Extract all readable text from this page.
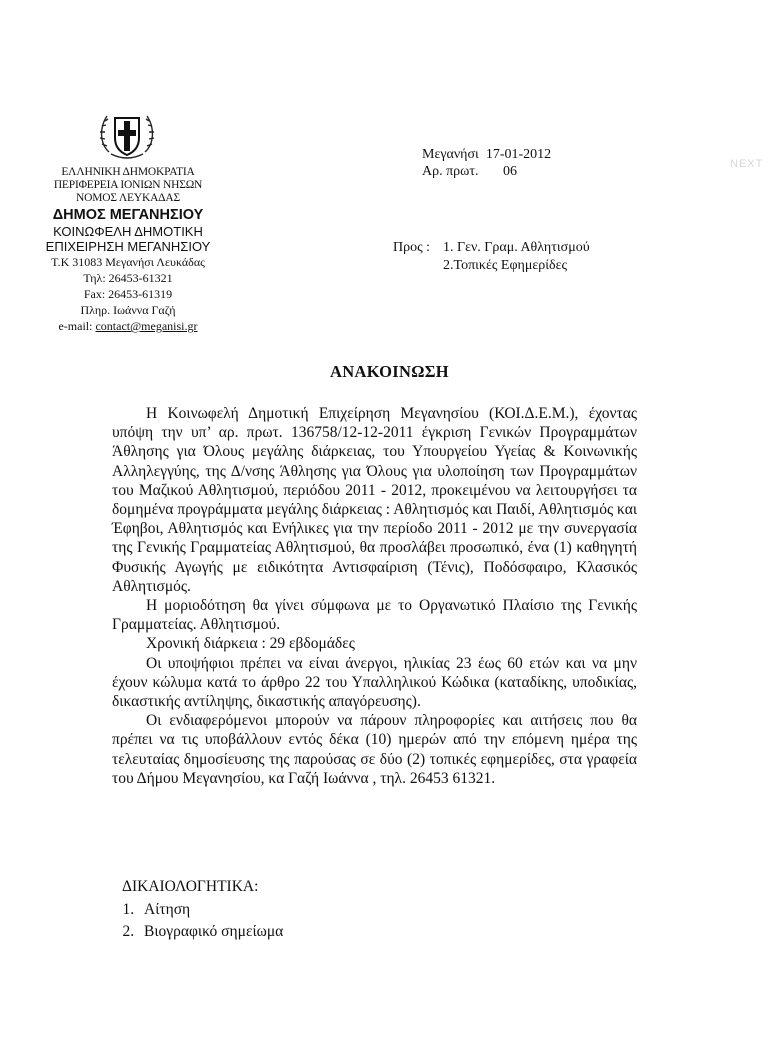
ΕΛΛΗΝΙΚΗ ΔΗΜΟΚΡΑΤΙΑ
ΠΕΡΙΦΕΡΕΙΑ ΙΟΝΙΩΝ ΝΗΣΩΝ
ΝΟΜΟΣ ΛΕΥΚΑΔΑΣ
ΔΗΜΟΣ ΜΕΓΑΝΗΣΙΟΥ
ΚΟΙΝΩΦΕΛΗ ΔΗΜΟΤΙΚΗ
ΕΠΙΧΕΙΡΗΣΗ ΜΕΓΑΝΗΣΙΟΥ
Τ.Κ 31083 Μεγανήσι Λευκάδας
Τηλ: 26453-61321
Fax: 26453-61319
Πληρ. Ιωάννα Γαζή
e-mail: contact@meganisi.gr
Μεγανήσι  17-01-2012
Αρ. πρωτ.       06	NEXT
Προς : 1. Γεν. Γραμ. Αθλητισμού
2.Τοπικές Εφημερίδες
ΑΝΑΚΟΙΝΩΣΗ

Η Κοινωφελή Δημοτική Επιχείρηση Μεγανησίου (ΚΟΙ.Δ.Ε.Μ.), έχοντας υπόψη την υπ’ αρ. πρωτ. 136758/12-12-2011 έγκριση Γενικών Προγραμμάτων Άθλησης για Όλους μεγάλης διάρκειας, του Υπουργείου Υγείας & Κοινωνικής Αλληλεγγύης, της Δ/νσης Άθλησης για Όλους για υλοποίηση των Προγραμμάτων του Μαζικού Αθλητισμού, περιόδου 2011 - 2012, προκειμένου να λειτουργήσει τα δομημένα προγράμματα μεγάλης διάρκειας : Αθλητισμός και Παιδί, Αθλητισμός και Έφηβοι, Αθλητισμός και Ενήλικες για την περίοδο 2011 - 2012 με την συνεργασία της Γενικής Γραμματείας Αθλητισμού, θα προσλάβει προσωπικό, ένα (1) καθηγητή Φυσικής Αγωγής με ειδικότητα Αντισφαίριση (Τένις), Ποδόσφαιρο, Κλασικός Αθλητισμός.

Η μοριοδότηση θα γίνει σύμφωνα με το Οργανωτικό Πλαίσιο της Γενικής Γραμματείας. Αθλητισμού.

Χρονική διάρκεια : 29 εβδομάδες

Οι υποψήφιοι πρέπει να είναι άνεργοι, ηλικίας 23 έως 60 ετών και να μην έχουν κώλυμα κατά το άρθρο 22 του Υπαλληλικού Κώδικα (καταδίκης, υποδικίας, δικαστικής αντίληψης, δικαστικής απαγόρευσης).

Οι ενδιαφερόμενοι μπορούν να πάρουν πληροφορίες και αιτήσεις που θα πρέπει να τις υποβάλλουν εντός δέκα (10) ημερών από την επόμενη ημέρα της τελευταίας δημοσίευσης της παρούσας σε δύο (2) τοπικές εφημερίδες, στα γραφεία του Δήμου Μεγανησίου, κα Γαζή Ιωάννα , τηλ. 26453 61321.

ΔΙΚΑΙΟΛΟΓΗΤΙΚΑ:
1. Αίτηση
2. Βιογραφικό σημείωμα
